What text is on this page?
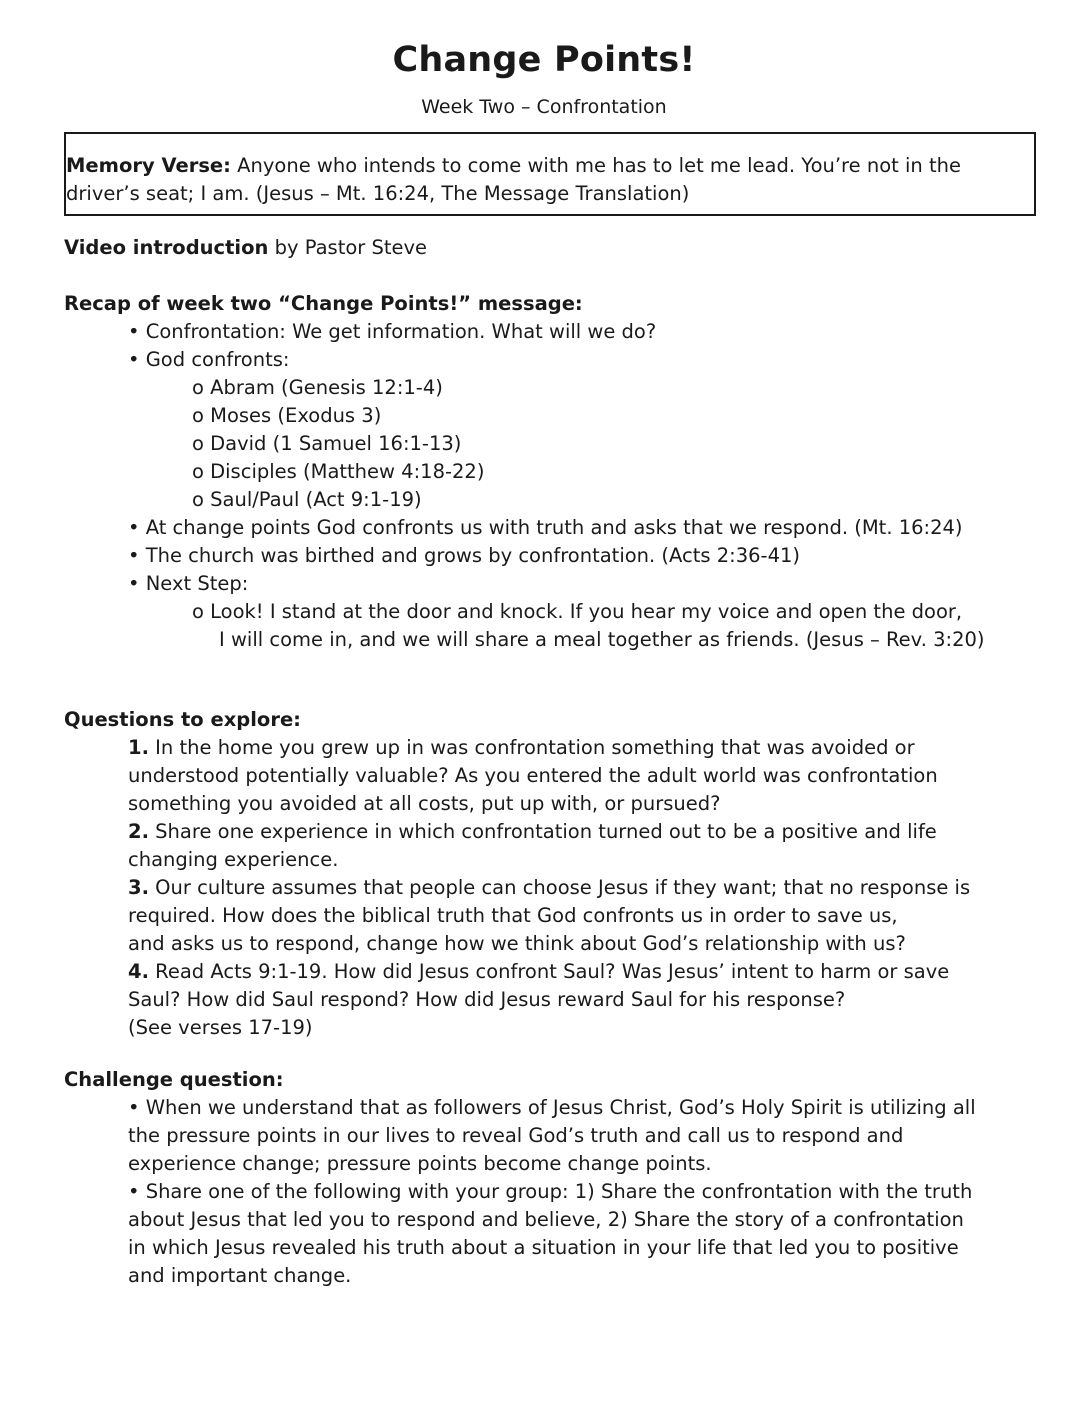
Change Points!
Week Two – Confrontation
Memory Verse: Anyone who intends to come with me has to let me lead. You’re not in the
driver’s seat; I am. (Jesus – Mt. 16:24, The Message Translation)
Video introduction by Pastor Steve
Recap of week two “Change Points!” message:
• Confrontation: We get information. What will we do?
• God confronts:
o Abram (Genesis 12:1-4)
o Moses (Exodus 3)
o David (1 Samuel 16:1-13)
o Disciples (Matthew 4:18-22)
o Saul/Paul (Act 9:1-19)
• At change points God confronts us with truth and asks that we respond. (Mt. 16:24)
• The church was birthed and grows by confrontation. (Acts 2:36-41)
• Next Step:
o Look! I stand at the door and knock. If you hear my voice and open the door,
I will come in, and we will share a meal together as friends. (Jesus – Rev. 3:20)
Questions to explore:
1. In the home you grew up in was confrontation something that was avoided or
understood potentially valuable? As you entered the adult world was confrontation
something you avoided at all costs, put up with, or pursued?
2. Share one experience in which confrontation turned out to be a positive and life
changing experience.
3. Our culture assumes that people can choose Jesus if they want; that no response is
required. How does the biblical truth that God confronts us in order to save us,
and asks us to respond, change how we think about God’s relationship with us?
4. Read Acts 9:1-19. How did Jesus confront Saul? Was Jesus’ intent to harm or save
Saul? How did Saul respond? How did Jesus reward Saul for his response?
(See verses 17-19)
Challenge question:
• When we understand that as followers of Jesus Christ, God’s Holy Spirit is utilizing all
the pressure points in our lives to reveal God’s truth and call us to respond and
experience change; pressure points become change points.
• Share one of the following with your group: 1) Share the confrontation with the truth
about Jesus that led you to respond and believe, 2) Share the story of a confrontation
in which Jesus revealed his truth about a situation in your life that led you to positive
and important change.
